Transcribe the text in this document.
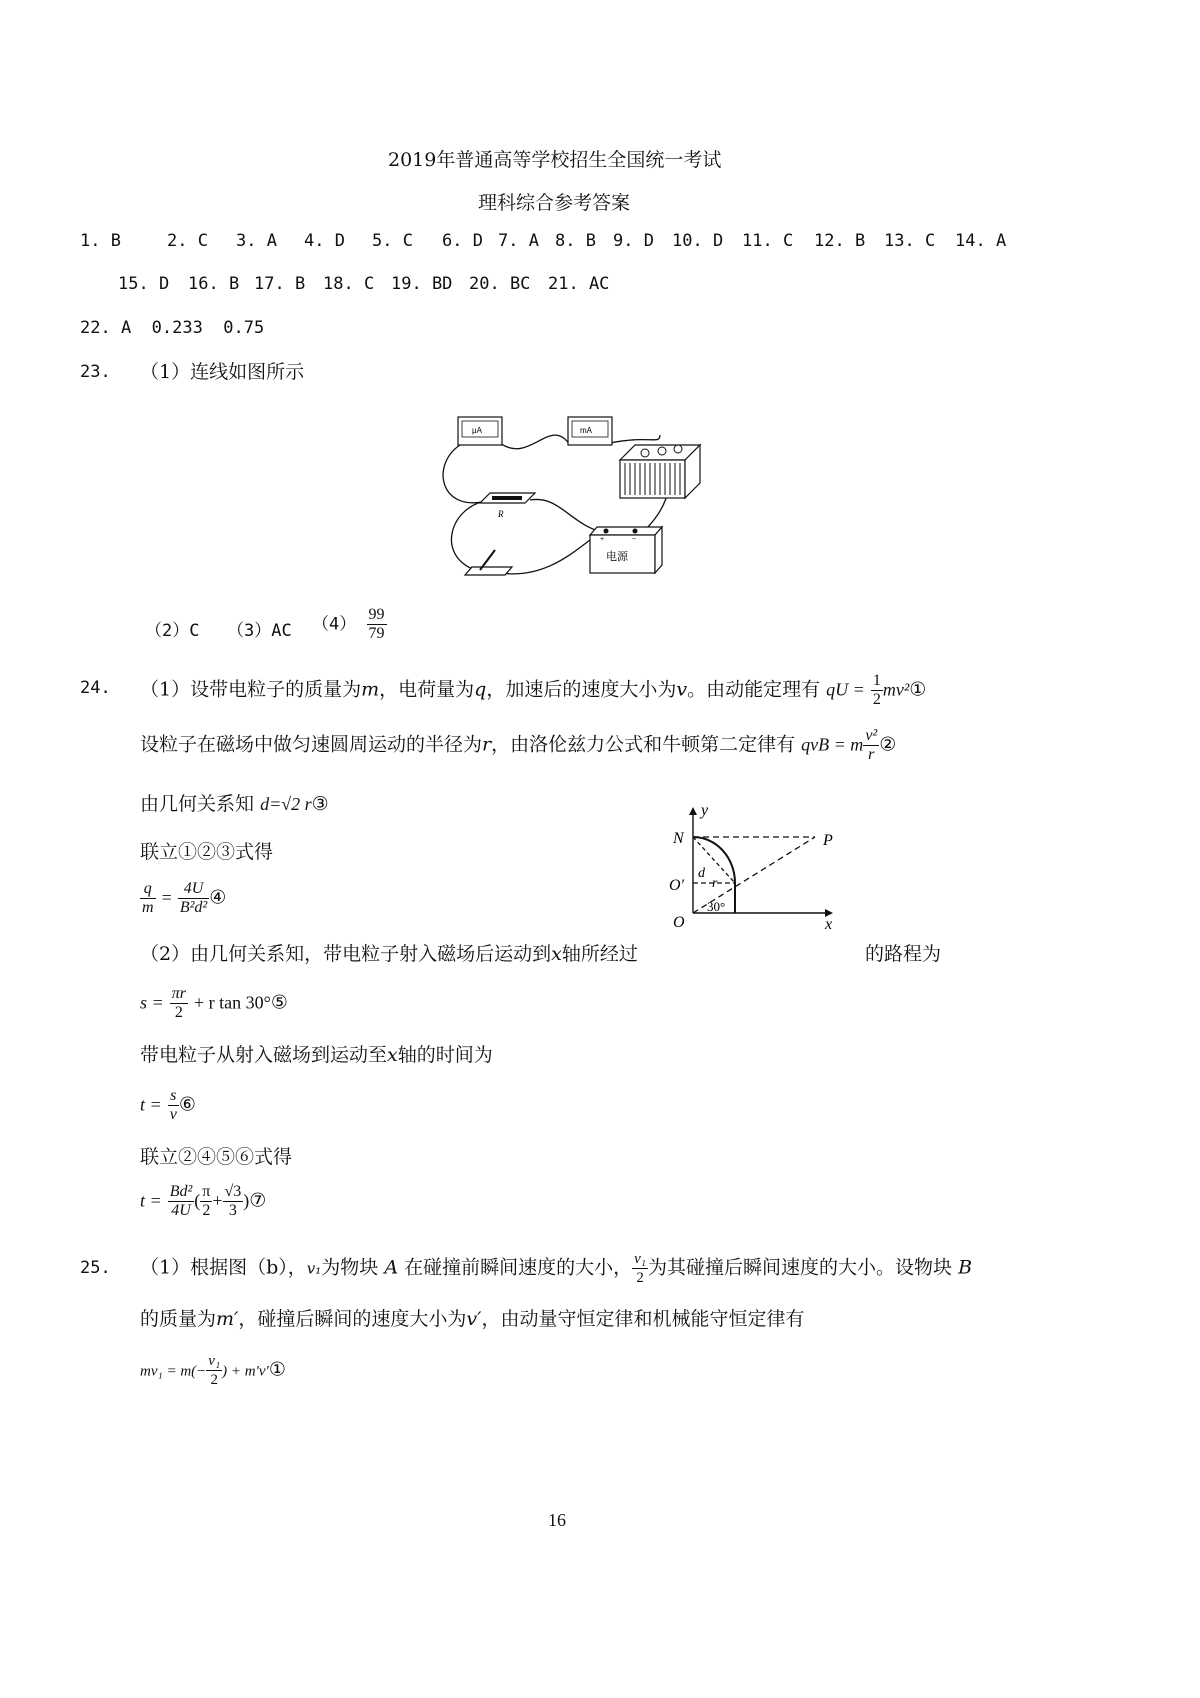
2019年普通高等学校招生全国统一考试
理科综合参考答案
1. B	2. C 3. A 4. D 5. C 6. D 7. A 8. B 9. D 10. D 11. C 12. B 13. C 14. A
15. D 16. B 17. B 18. C 19. BD 20. BC 21. AC
22. A  0.233  0.75
23. （1）连线如图所示
μA	mA
R
+	−
电源
（2）C （3）AC $(4) \frac{99}{79}$
24. （1）设带电粒子的质量为m，电荷量为q，加速后的速度大小为v。由动能定理有 qU = $\frac{1}{2}$ mv²①
设粒子在磁场中做匀速圆周运动的半径为r，由洛伦兹力公式和牛顿第二定律有 qvB = m $\frac{\text{v²}}{r}$ ②
由几何关系知 d=√2 r③
联立①②③式得
$\frac{q}{m} = \frac{4U}{\text{B²d²}}$ ④
y
x
O
N	P
O′
d
r
30°
（2）由几何关系知，带电粒子射入磁场后运动到x轴所经过	的路程为
$s = \frac{\pi r}{2} + r$ tan 30°⑤
带电粒子从射入磁场到运动至x轴的时间为
$t = \frac{s}{v}$ ⑥
联立②④⑤⑥式得
$t = \frac{\text{Bd²}}{4U}$ ( $\frac{\pi}{2} + \frac{√3}{3}$ )⑦
25. （1）根据图（b），v₁为物块 A 在碰撞前瞬间速度的大小， $\frac{\text{v₁}}{2}$ 为其碰撞后瞬间速度的大小。设物块 B
的质量为m′，碰撞后瞬间的速度大小为v′，由动量守恒定律和机械能守恒定律有
$mv_1 = m(- \frac{\text{v₁}}{2}$ ) + m′v′①
16
